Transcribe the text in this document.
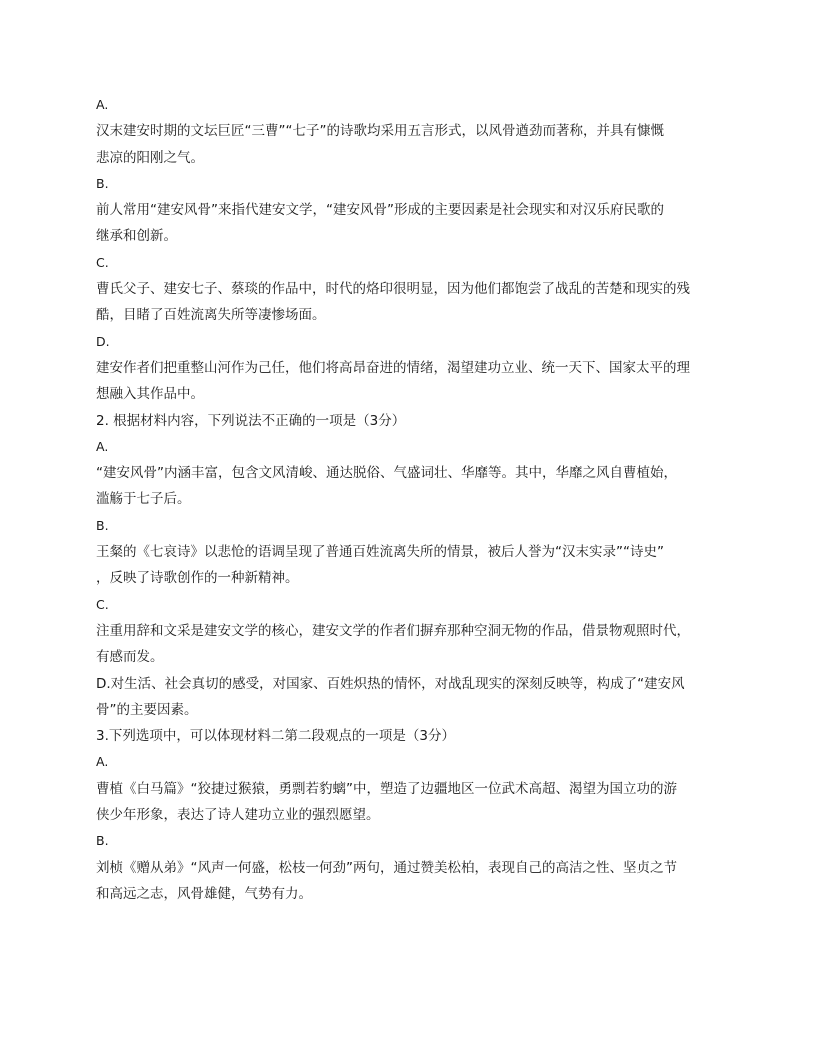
A.
汉末建安时期的文坛巨匠“三曹”“七子”的诗歌均采用五言形式，以风骨遒劲而著称，并具有慷慨
悲凉的阳刚之气。
B.
前人常用“建安风骨”来指代建安文学，“建安风骨”形成的主要因素是社会现实和对汉乐府民歌的
继承和创新。
C.
曹氏父子、建安七子、蔡琰的作品中，时代的烙印很明显，因为他们都饱尝了战乱的苦楚和现实的残
酷，目睹了百姓流离失所等凄惨场面。
D.
建安作者们把重整山河作为己任，他们将高昂奋进的情绪，渴望建功立业、统一天下、国家太平的理
想融入其作品中。
2. 根据材料内容，下列说法不正确的一项是（3分）
A.
“建安风骨”内涵丰富，包含文风清峻、通达脱俗、气盛词壮、华靡等。其中，华靡之风自曹植始，
滥觞于七子后。
B.
王粲的《七哀诗》以悲怆的语调呈现了普通百姓流离失所的情景，被后人誉为“汉末实录”“诗史”
，反映了诗歌创作的一种新精神。
C.
注重用辞和文采是建安文学的核心，建安文学的作者们摒弃那种空洞无物的作品，借景物观照时代，
有感而发。
D.对生活、社会真切的感受，对国家、百姓炽热的情怀，对战乱现实的深刻反映等，构成了“建安风
骨”的主要因素。
3.下列选项中，可以体现材料二第二段观点的一项是（3分）
A.
曹植《白马篇》“狡捷过猴猿，勇剽若豹螭”中，塑造了边疆地区一位武术高超、渴望为国立功的游
侠少年形象，表达了诗人建功立业的强烈愿望。
B.
刘桢《赠从弟》“风声一何盛，松枝一何劲”两句，通过赞美松柏，表现自己的高洁之性、坚贞之节
和高远之志，风骨雄健，气势有力。
